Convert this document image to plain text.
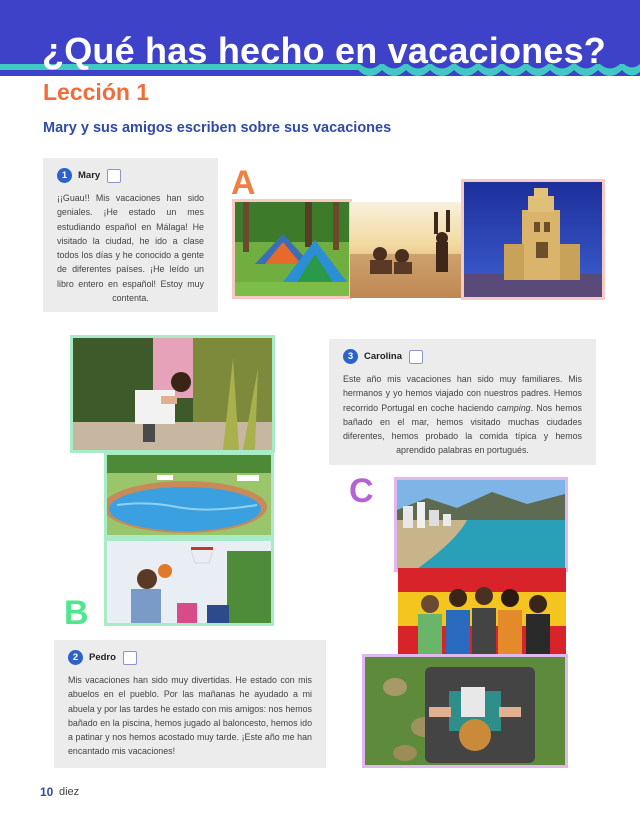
¿Qué has hecho en vacaciones?
Lección 1
Mary y sus amigos escriben sobre sus vacaciones
1	Mary
¡¡Guau!! Mis vacaciones han sido geniales. ¡He estado un mes estudiando español en Málaga! He visitado la ciudad, he ido a clase todos los días y he conocido a gente de diferentes países. ¡He leído un libro entero en español! Estoy muy contenta.
A
B
3	Carolina
Este año mis vacaciones han sido muy familiares. Mis hermanos y yo hemos viajado con nuestros padres. Hemos recorrido Portugal en coche haciendo camping. Nos hemos bañado en el mar, hemos visitado muchas ciudades diferentes, hemos probado la comida típica y hemos aprendido palabras en portugués.
C
2	Pedro
Mis vacaciones han sido muy divertidas. He estado con mis abuelos en el pueblo. Por las mañanas he ayudado a mi abuela y por las tardes he estado con mis amigos: nos hemos bañado en la piscina, hemos jugado al baloncesto, hemos ido a patinar y nos hemos acostado muy tarde. ¡Este año me han encantado mis vacaciones!
10 diez
